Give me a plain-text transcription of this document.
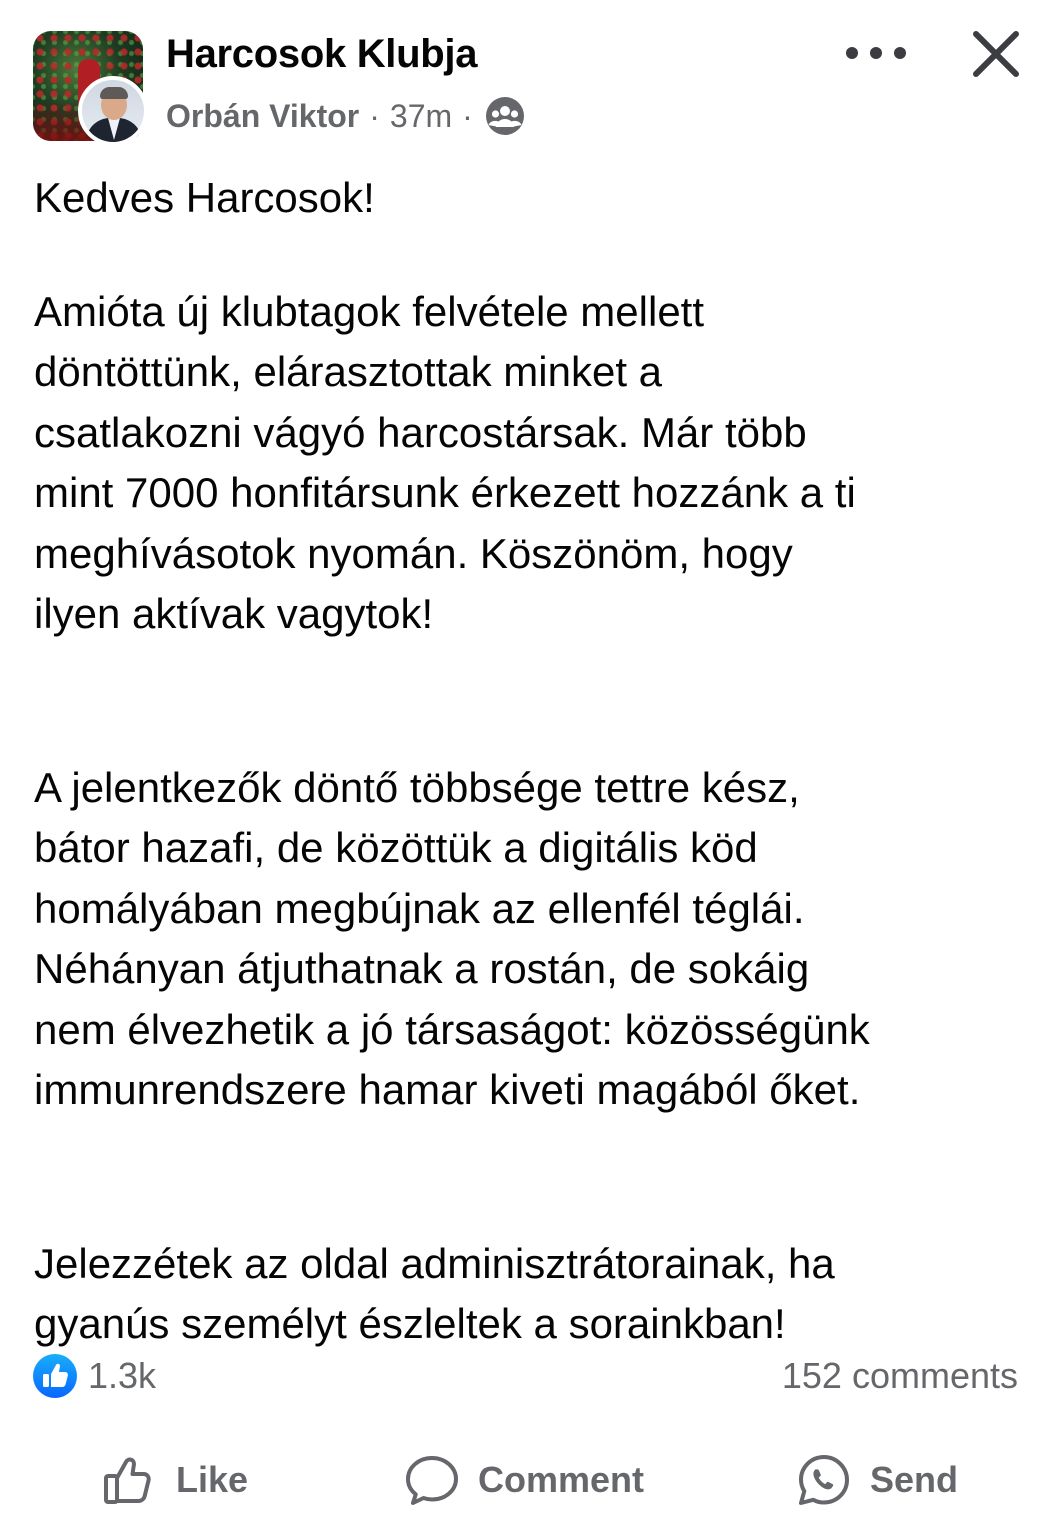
Harcosok Klubja
Orbán Viktor · 37m ·

Kedves Harcosok!

Amióta új klubtagok felvétele mellett
döntöttünk, elárasztottak minket a
csatlakozni vágyó harcostársak. Már több
mint 7000 honfitársunk érkezett hozzánk a ti
meghívásotok nyomán. Köszönöm, hogy
ilyen aktívak vagytok!

A jelentkezők döntő többsége tettre kész,
bátor hazafi, de közöttük a digitális köd
homályában megbújnak az ellenfél téglái.
Néhányan átjuthatnak a rostán, de sokáig
nem élvezhetik a jó társaságot: közösségünk
immunrendszere hamar kiveti magából őket.

Jelezzétek az oldal adminisztrátorainak, ha
gyanús személyt észleltek a sorainkban!

1.3k	152 comments
Like	Comment	Send
